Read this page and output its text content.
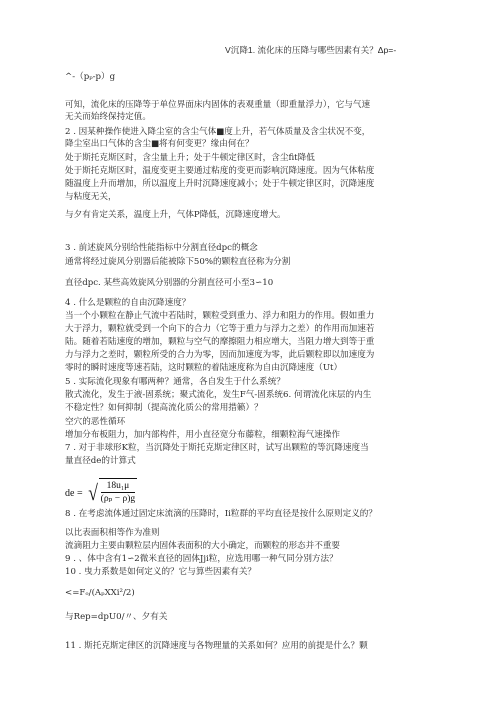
V沉降1. 流化床的压降与哪些因素有关？Δp=-
^-（pₚ-p）g
可知，流化床的压降等于单位界面床内固体的表观重量（即重量浮力），它与气速
无关而始终保持定值。
2 . 因某种操作使进入降尘室的含尘气体■度上升，若气体质量及含尘状况不变，
降尘室出口气体的含尘■将有何变更？缘由何在？
处于斯托克斯区时，含尘量上升；处于牛顿定律区时，含尘fit降低
处于斯托克斯区时，温度变更主要通过粘度的变更而影响沉降速度。因为气体粘度
随温度上升而增加，所以温度上升时沉降速度减小；处于牛顿定律区时，沉降速度
与粘度无关，
与夕有肯定关系，温度上升，气体P降低，沉降速度增大。
3 . 前述旋风分别给性能指标中分割直径dpc的概念
通常将经过旋风分别器后能被除下50%的颗粒直径称为分割
直径dpc. 某些高效旋风分别器的分割直径可小至3∽10
4 . 什么是颗粒的自由沉降速度？
当一个小颗粒在静止气流中若陆时，颗粒受到重力、浮力和阻力的作用。假如重力
大于浮力，颗粒就受到一个向下的合力（它等于重力与浮力之差）的作用而加速若
陆。随着若陆速度的增加，颗粒与空气的摩擦阻力相应增大，当阻力增大到等于重
力与浮力之差时，颗粒所受的合力为零，因而加速度为零，此后颗粒即以加速度为
零时的瞬时速度等速若陆，这时颗粒的着陆速度称为自由沉降速度（Ut）
5 . 实际流化现象有哪两种？通常，各自发生于什么系统？
散式流化，发生于液-固系统；聚式流化，发生F气-固系统6. 何谓流化床层的内生
不稳定性？如何抑制（提高流化质公的常用措籁）？
空穴的恶性循环
增加分布板阻力，加内部构件，用小直径宽分布藤粒，细颗粒海气速操作
7 . 对于非球形K粒，当沉降处于斯托克斯定律区时，试写出颗粒的等沉降速度当
量直径de的计算式
8 . 在考虑流体通过固定床流滴的压降时，Ii粒群的平均直径是按什么原则定义的？
以比表面积相等作为准则
流滴阻力主要由颗粒层内固体表面积的大小确定，而颗粒的形态并不重要
9 . 、体中含有1∽2微米直径的固体Jji粒，应选用哪一种气同分別方法？
10 . 曳力系数是如何定义的？它与算些因素有关？
<=Fₒ/(AₚXXi²/2)
与Rep=dpU0/〃、夕有关
11 . 斯托克斯定律区的沉降速度与各物理量的关系如何？应用的前提是什么？颗
de = √ $\frac{\text{18u₁μ}}{\text{(ρₚ − ρ)g}}$
